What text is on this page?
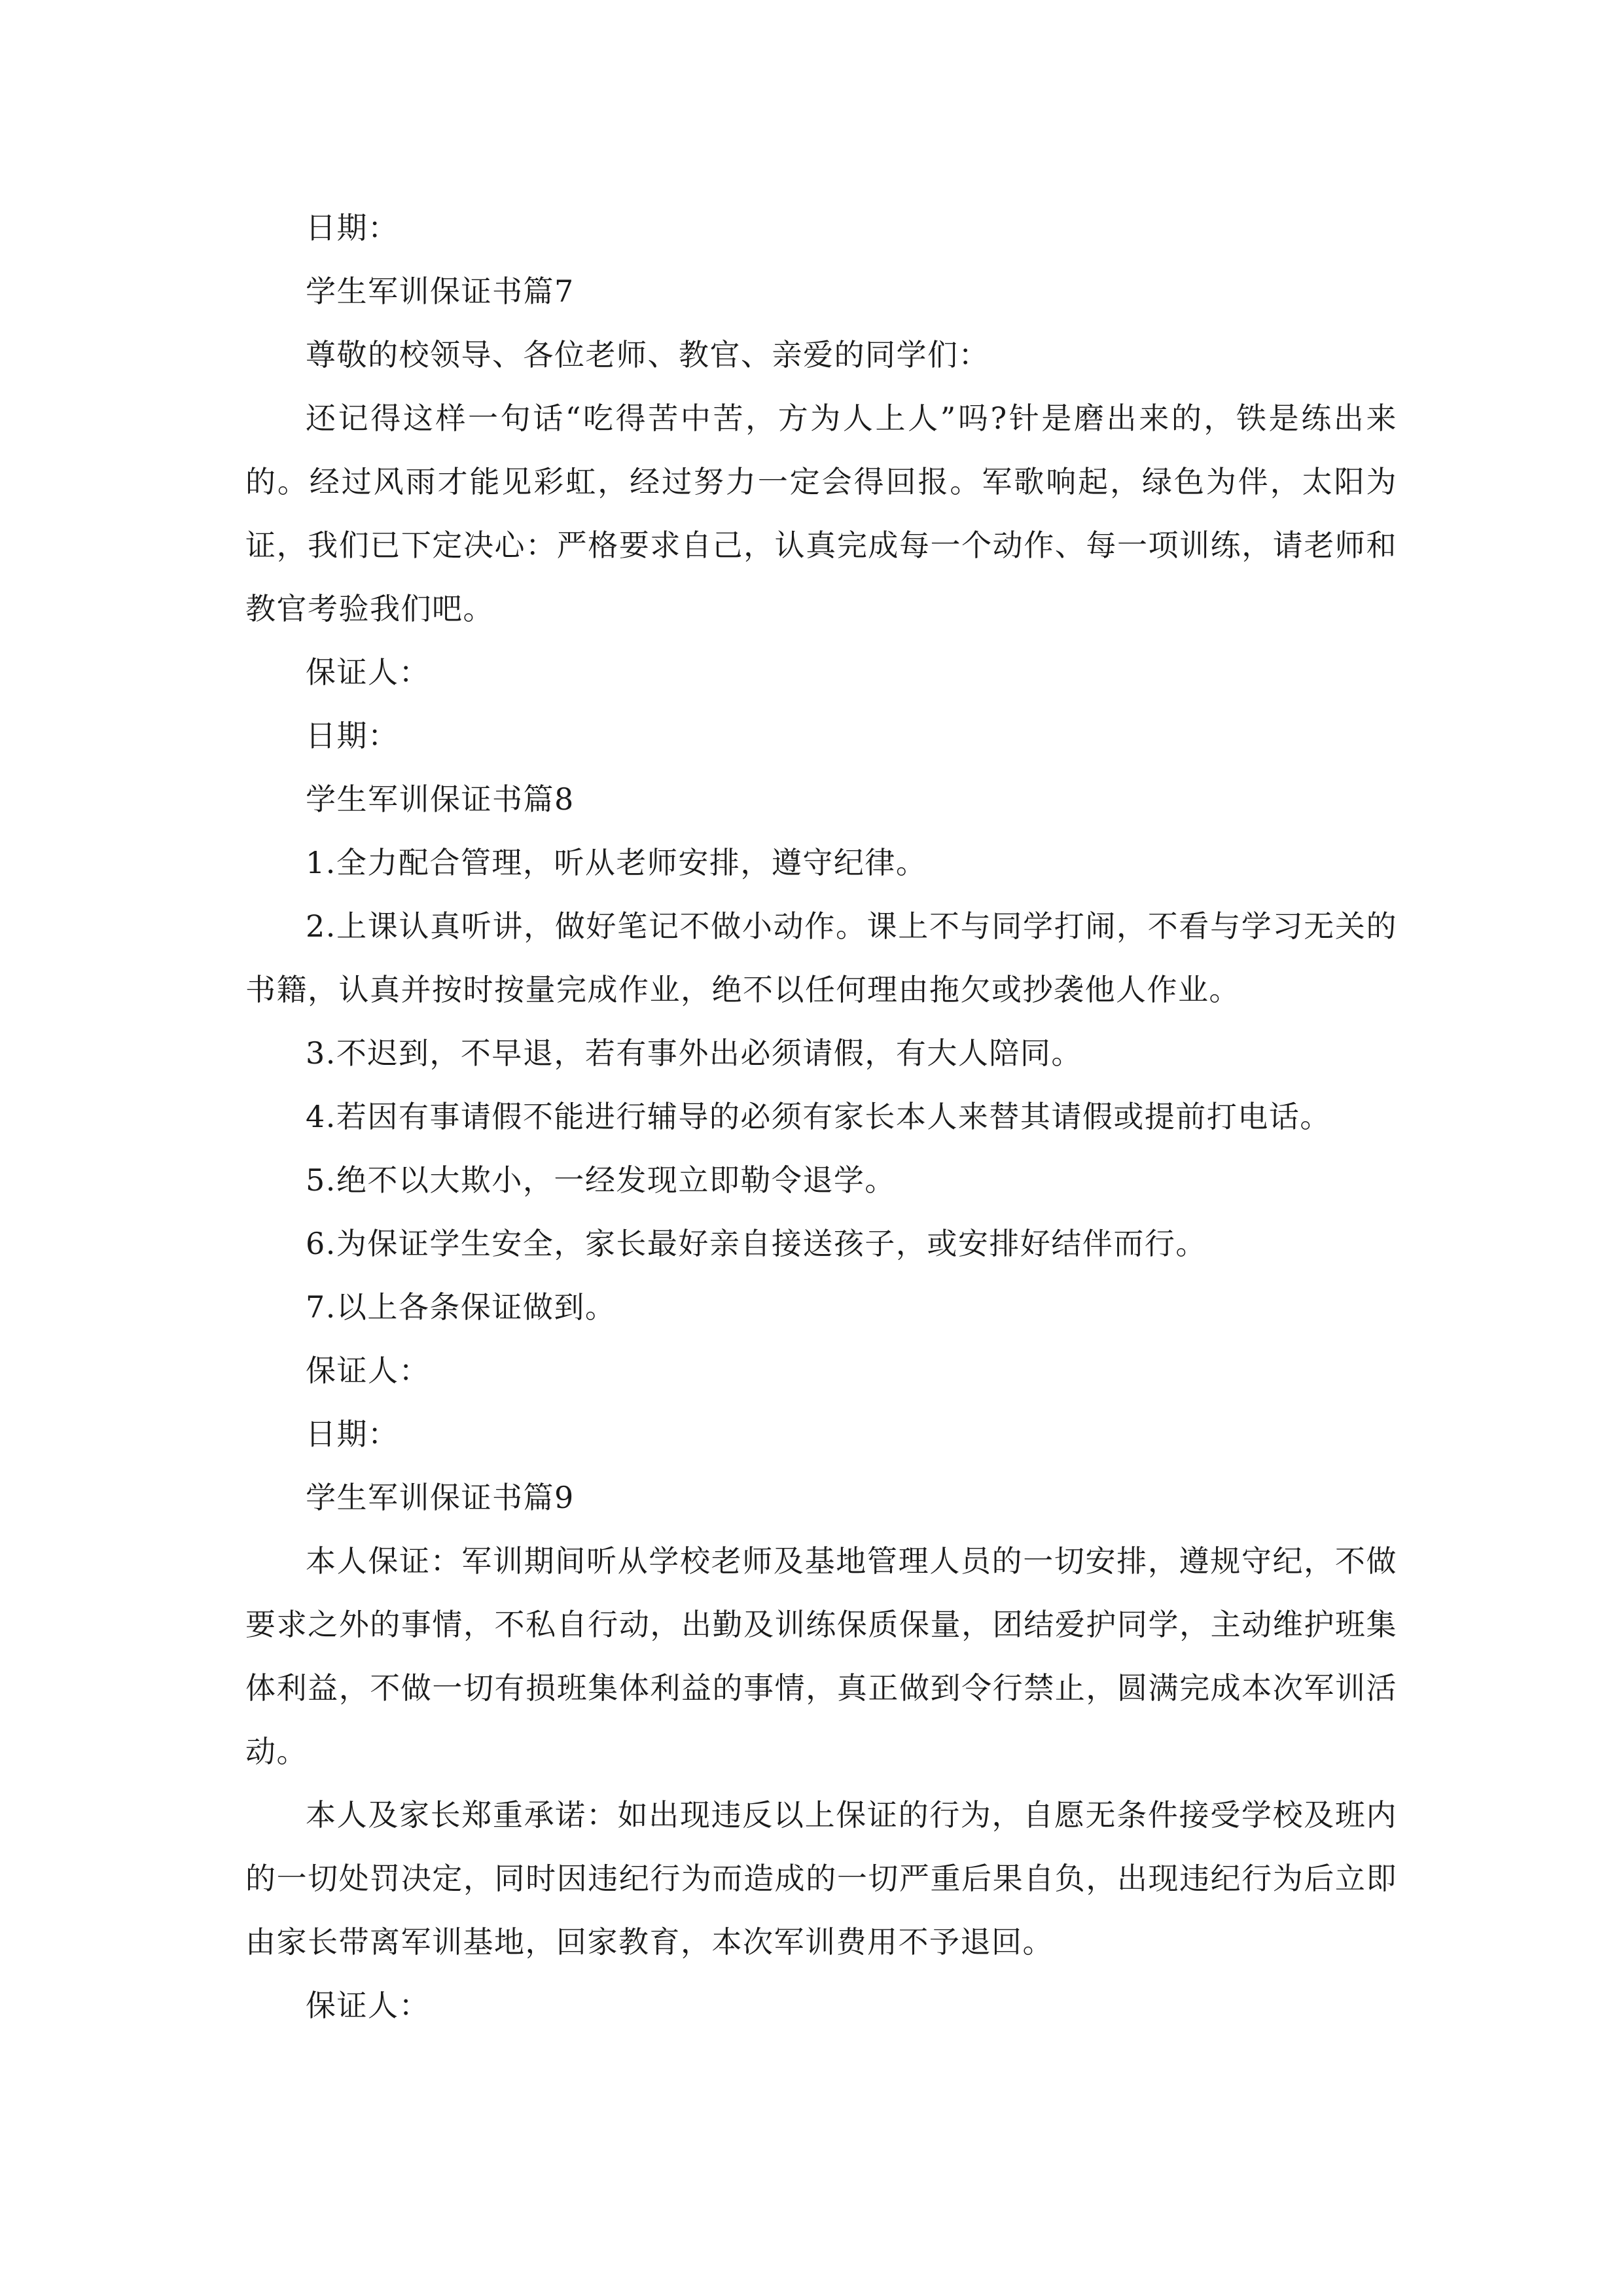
日期：

学生军训保证书篇7

尊敬的校领导、各位老师、教官、亲爱的同学们：

还记得这样一句话“吃得苦中苦，方为人上人”吗?针是磨出来的，铁是练出来的。经过风雨才能见彩虹，经过努力一定会得回报。军歌响起，绿色为伴，太阳为证，我们已下定决心：严格要求自己，认真完成每一个动作、每一项训练，请老师和教官考验我们吧。

保证人：

日期：

学生军训保证书篇8

1.全力配合管理，听从老师安排，遵守纪律。

2.上课认真听讲，做好笔记不做小动作。课上不与同学打闹，不看与学习无关的书籍，认真并按时按量完成作业，绝不以任何理由拖欠或抄袭他人作业。

3.不迟到，不早退，若有事外出必须请假，有大人陪同。

4.若因有事请假不能进行辅导的必须有家长本人来替其请假或提前打电话。

5.绝不以大欺小，一经发现立即勒令退学。

6.为保证学生安全，家长最好亲自接送孩子，或安排好结伴而行。

7.以上各条保证做到。

保证人：

日期：

学生军训保证书篇9

本人保证：军训期间听从学校老师及基地管理人员的一切安排，遵规守纪，不做要求之外的事情，不私自行动，出勤及训练保质保量，团结爱护同学，主动维护班集体利益，不做一切有损班集体利益的事情，真正做到令行禁止，圆满完成本次军训活动。

本人及家长郑重承诺：如出现违反以上保证的行为，自愿无条件接受学校及班内的一切处罚决定，同时因违纪行为而造成的一切严重后果自负，出现违纪行为后立即由家长带离军训基地，回家教育，本次军训费用不予退回。

保证人：
